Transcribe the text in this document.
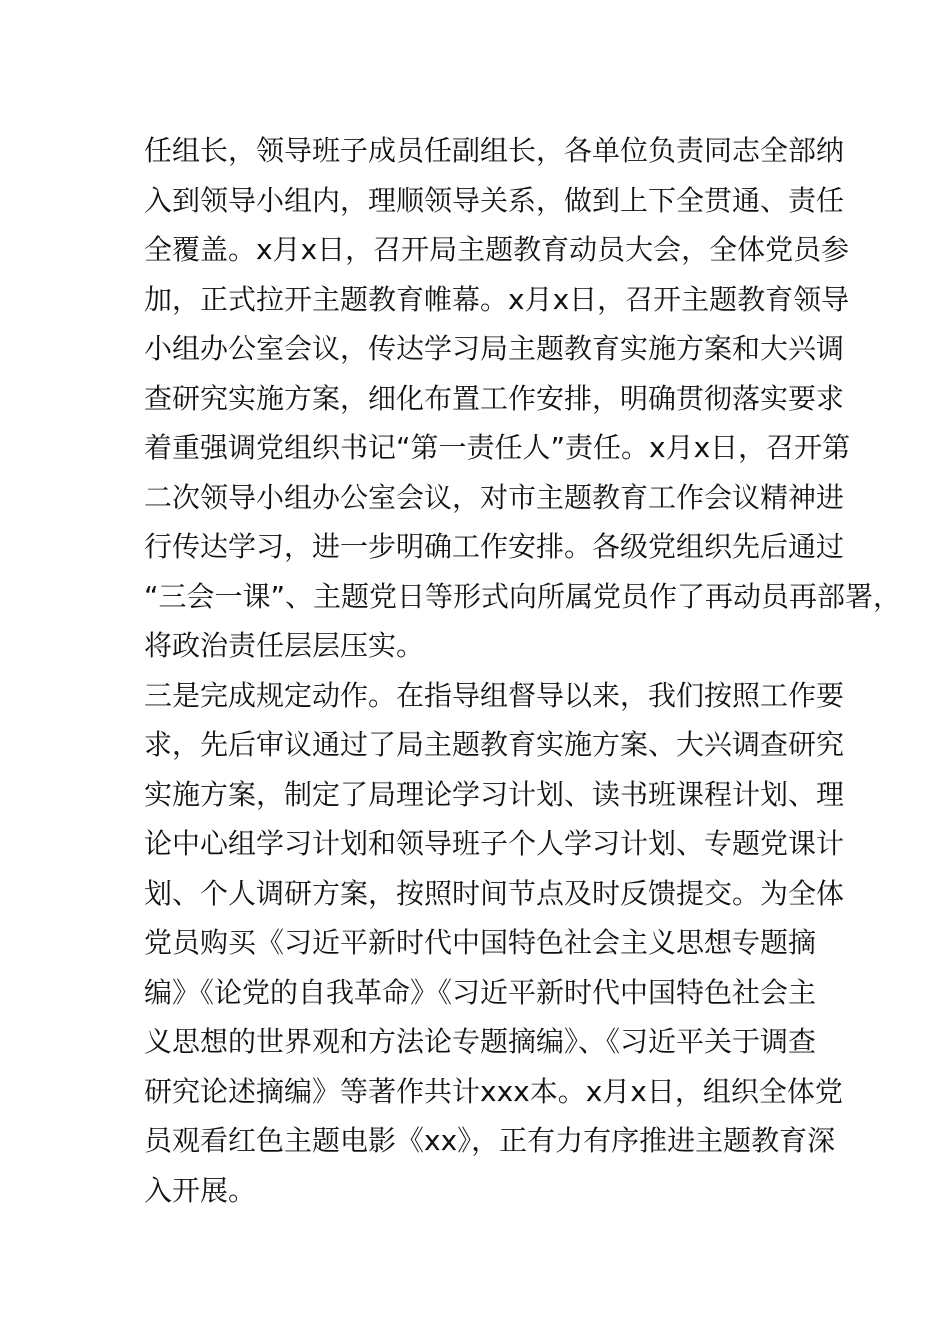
任组长，领导班子成员任副组长，各单位负责同志全部纳
入到领导小组内，理顺领导关系，做到上下全贯通、责任
全覆盖。x月x日，召开局主题教育动员大会，全体党员参
加，正式拉开主题教育帷幕。x月x日，召开主题教育领导
小组办公室会议，传达学习局主题教育实施方案和大兴调
查研究实施方案，细化布置工作安排，明确贯彻落实要求
着重强调党组织书记“第一责任人”责任。x月x日，召开第
二次领导小组办公室会议，对市主题教育工作会议精神进
行传达学习，进一步明确工作安排。各级党组织先后通过
“三会一课”、主题党日等形式向所属党员作了再动员再部署，
将政治责任层层压实。
三是完成规定动作。在指导组督导以来，我们按照工作要
求，先后审议通过了局主题教育实施方案、大兴调查研究
实施方案，制定了局理论学习计划、读书班课程计划、理
论中心组学习计划和领导班子个人学习计划、专题党课计
划、个人调研方案，按照时间节点及时反馈提交。为全体
党员购买《习近平新时代中国特色社会主义思想专题摘
编》《论党的自我革命》《习近平新时代中国特色社会主
义思想的世界观和方法论专题摘编》、《习近平关于调查
研究论述摘编》等著作共计xxx本。x月x日，组织全体党
员观看红色主题电影《xx》，正有力有序推进主题教育深
入开展。
